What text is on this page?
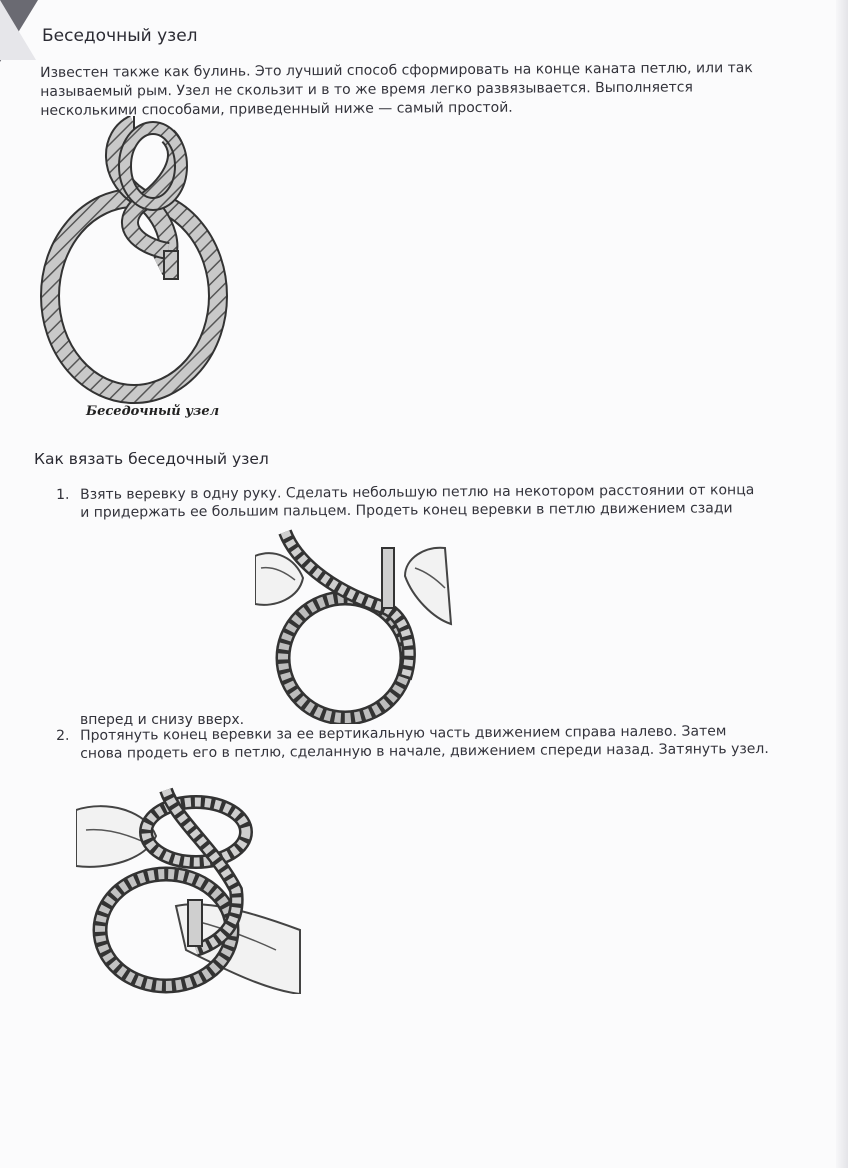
Беседочный узел
Известен также как булинь. Это лучший способ сформировать на конце каната петлю, или так
называемый рым. Узел не скользит и в то же время легко развязывается. Выполняется
несколькими способами, приведенный ниже — самый простой.
Беседочный узел
Как вязать беседочный узел
1. Взять веревку в одну руку. Сделать небольшую петлю на некотором расстоянии от конца
и придержать ее большим пальцем. Продеть конец веревки в петлю движением сзади
вперед и снизу вверх.
2. Протянуть конец веревки за ее вертикальную часть движением справа налево. Затем
снова продеть его в петлю, сделанную в начале, движением спереди назад. Затянуть узел.
